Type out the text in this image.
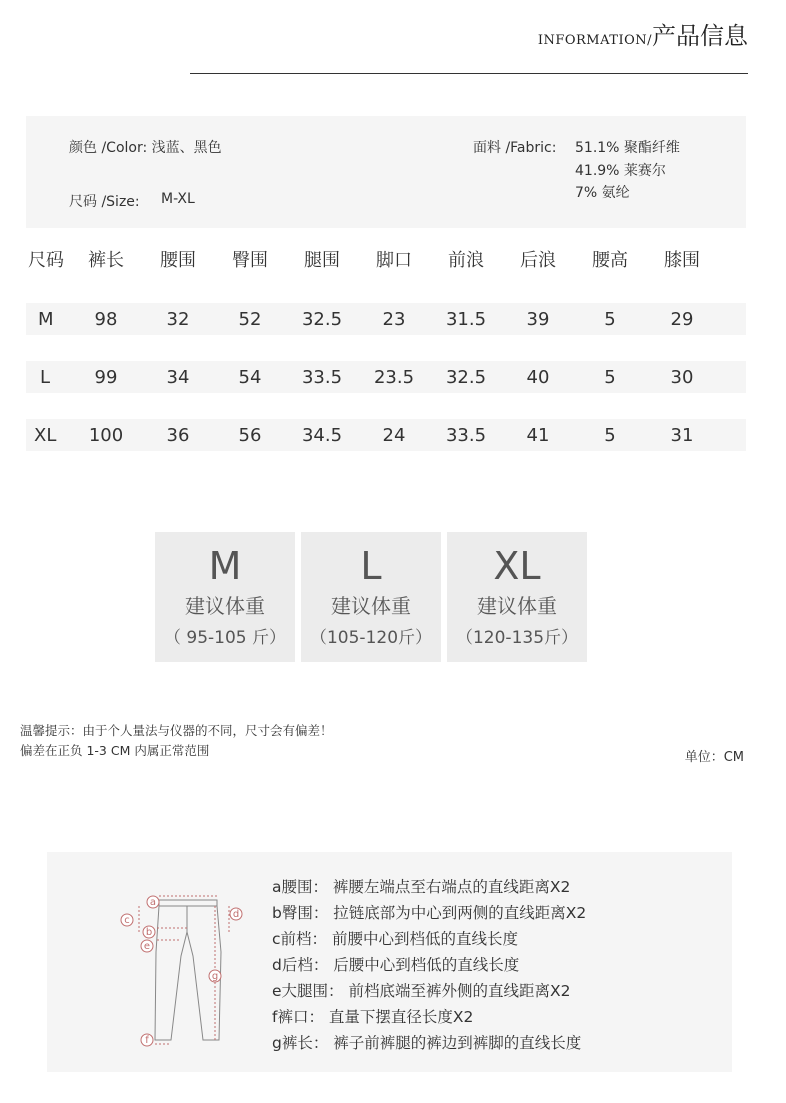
INFORMATION/ 产品信息
颜色 /Color: 浅蓝、黑色
尺码 /Size: M-XL
面料 /Fabric: 51.1% 聚酯纤维
41.9% 莱赛尔
7% 氨纶
尺码	裤长	腰围	臀围	腿围	脚口	前浪	后浪	腰高	膝围
M	98	32	52	32.5	23	31.5	39	5	29
L	99	34	54	33.5	23.5	32.5	40	5	30
XL	100	36	56	34.5	24	33.5	41	5	31
M
建议体重
（ 95-105 斤）
L
建议体重
（105-120斤）
XL
建议体重
（120-135斤）
温馨提示：由于个人量法与仪器的不同，尺寸会有偏差！
偏差在正负 1-3 CM 内属正常范围	单位：CM
a
b
c
d
e
f
g
a腰围： 裤腰左端点至右端点的直线距离X2
b臀围： 拉链底部为中心到两侧的直线距离X2
c前档： 前腰中心到档低的直线长度
d后档： 后腰中心到档低的直线长度
e大腿围： 前档底端至裤外侧的直线距离X2
f裤口： 直量下摆直径长度X2
g裤长： 裤子前裤腿的裤边到裤脚的直线长度
